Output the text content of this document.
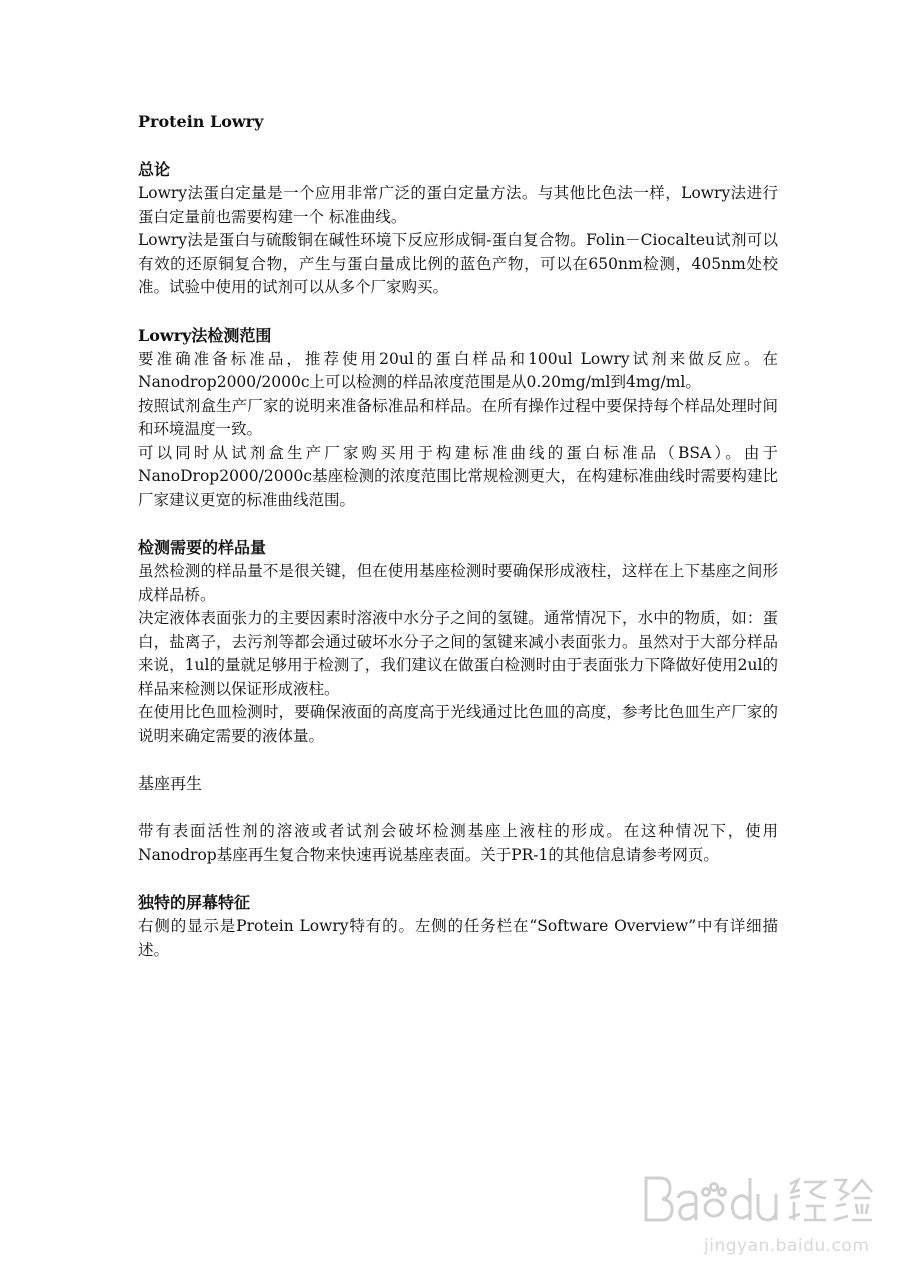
Protein Lowry
总论

Lowry法蛋白定量是一个应用非常广泛的蛋白定量方法。与其他比色法一样，Lowry法进行蛋白定量前也需要构建一个 标准曲线。

Lowry法是蛋白与硫酸铜在碱性环境下反应形成铜-蛋白复合物。Folin－Ciocalteu试剂可以有效的还原铜复合物，产生与蛋白量成比例的蓝色产物，可以在650nm检测，405nm处校准。试验中使用的试剂可以从多个厂家购买。

Lowry法检测范围

要准确准备标准品，推荐使用20ul的蛋白样品和100ul Lowry试剂来做反应。在Nanodrop2000/2000c上可以检测的样品浓度范围是从0.20mg/ml到4mg/ml。

按照试剂盒生产厂家的说明来准备标准品和样品。在所有操作过程中要保持每个样品处理时间和环境温度一致。

可以同时从试剂盒生产厂家购买用于构建标准曲线的蛋白标准品（BSA）。由于NanoDrop2000/2000c基座检测的浓度范围比常规检测更大，在构建标准曲线时需要构建比厂家建议更宽的标准曲线范围。

检测需要的样品量

虽然检测的样品量不是很关键，但在使用基座检测时要确保形成液柱，这样在上下基座之间形成样品桥。

决定液体表面张力的主要因素时溶液中水分子之间的氢键。通常情况下，水中的物质，如：蛋白，盐离子，去污剂等都会通过破坏水分子之间的氢键来减小表面张力。虽然对于大部分样品来说，1ul的量就足够用于检测了，我们建议在做蛋白检测时由于表面张力下降做好使用2ul的样品来检测以保证形成液柱。

在使用比色皿检测时，要确保液面的高度高于光线通过比色皿的高度，参考比色皿生产厂家的说明来确定需要的液体量。

基座再生

带有表面活性剂的溶液或者试剂会破坏检测基座上液柱的形成。在这种情况下，使用Nanodrop基座再生复合物来快速再说基座表面。关于PR-1的其他信息请参考网页。

独特的屏幕特征

右侧的显示是Protein Lowry特有的。左侧的任务栏在“Software Overview”中有详细描述。

jingyan.baidu.com
